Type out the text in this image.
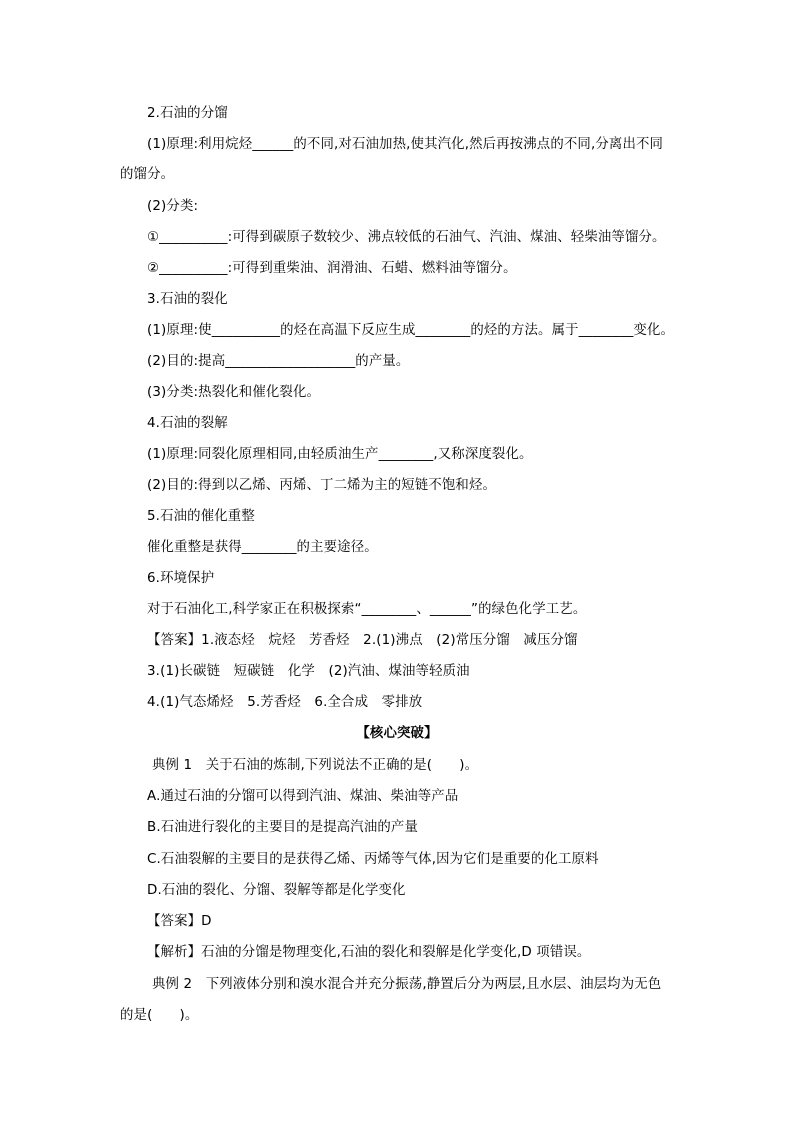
2.石油的分馏
(1)原理:利用烷烃______的不同,对石油加热,使其汽化,然后再按沸点的不同,分离出不同
的馏分。
(2)分类:
①__________:可得到碳原子数较少、沸点较低的石油气、汽油、煤油、轻柴油等馏分。
②__________:可得到重柴油、润滑油、石蜡、燃料油等馏分。
3.石油的裂化
(1)原理:使__________的烃在高温下反应生成________的烃的方法。属于________变化。
(2)目的:提高___________________的产量。
(3)分类:热裂化和催化裂化。
4.石油的裂解
(1)原理:同裂化原理相同,由轻质油生产________,又称深度裂化。
(2)目的:得到以乙烯、丙烯、丁二烯为主的短链不饱和烃。
5.石油的催化重整
催化重整是获得________的主要途径。
6.环境保护
对于石油化工,科学家正在积极探索“________、______”的绿色化学工艺。
【答案】1.液态烃　烷烃　芳香烃　2.(1)沸点　(2)常压分馏　减压分馏
3.(1)长碳链　短碳链　化学　(2)汽油、煤油等轻质油
4.(1)气态烯烃　5.芳香烃　6.全合成　零排放
【核心突破】
典例 1　关于石油的炼制,下列说法不正确的是(　　)。
A.通过石油的分馏可以得到汽油、煤油、柴油等产品
B.石油进行裂化的主要目的是提高汽油的产量
C.石油裂解的主要目的是获得乙烯、丙烯等气体,因为它们是重要的化工原料
D.石油的裂化、分馏、裂解等都是化学变化
【答案】D
【解析】石油的分馏是物理变化,石油的裂化和裂解是化学变化,D 项错误。
典例 2　下列液体分别和溴水混合并充分振荡,静置后分为两层,且水层、油层均为无色
的是(　　)。
